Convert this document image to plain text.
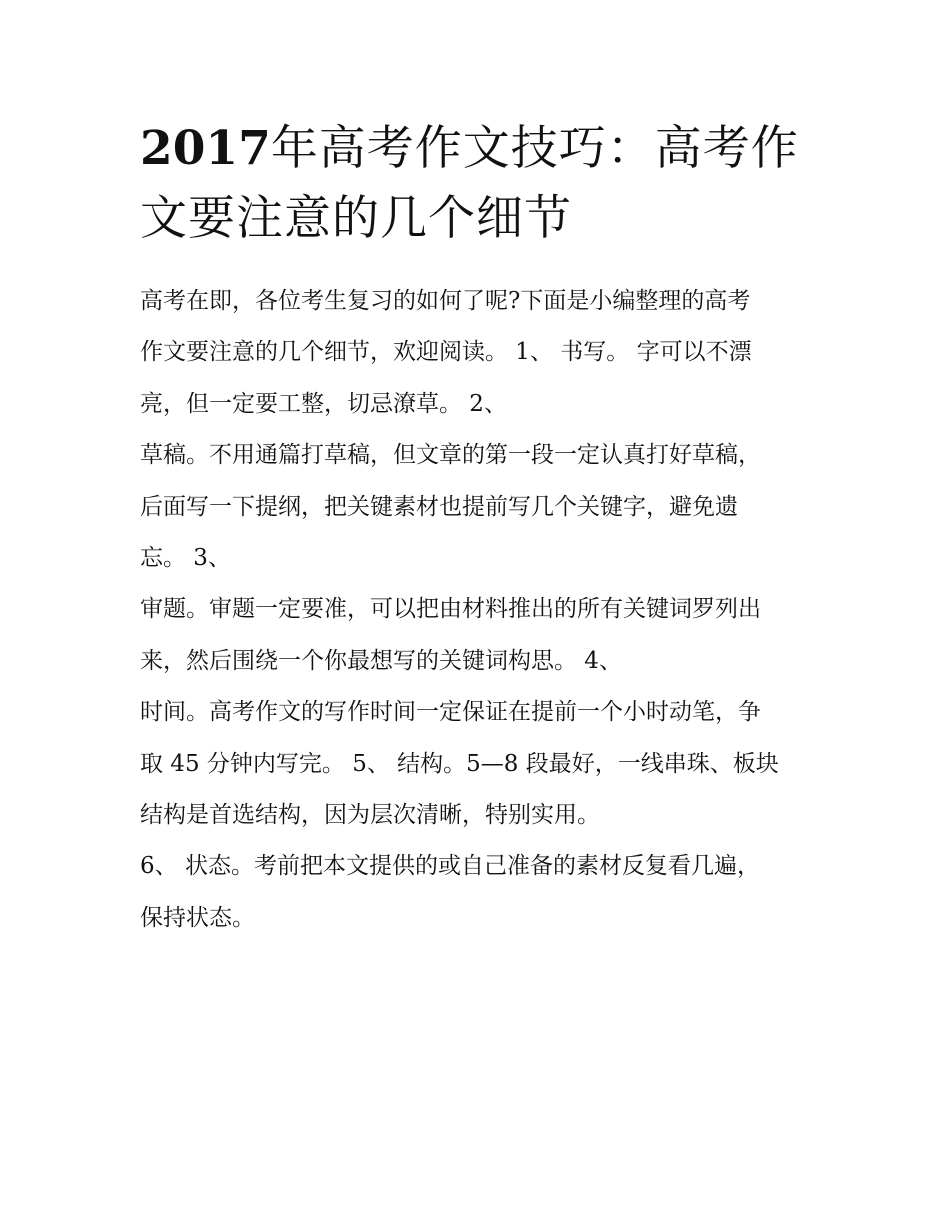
2017年高考作文技巧：高考作
文要注意的几个细节
高考在即，各位考生复习的如何了呢?下面是小编整理的高考
作文要注意的几个细节，欢迎阅读。 1、 书写。 字可以不漂
亮，但一定要工整，切忌潦草。 2、
草稿。不用通篇打草稿，但文章的第一段一定认真打好草稿，
后面写一下提纲，把关键素材也提前写几个关键字，避免遗
忘。 3、
审题。审题一定要准，可以把由材料推出的所有关键词罗列出
来，然后围绕一个你最想写的关键词构思。 4、
时间。高考作文的写作时间一定保证在提前一个小时动笔，争
取 45 分钟内写完。 5、 结构。5—8 段最好，一线串珠、板块
结构是首选结构，因为层次清晰，特别实用。
6、 状态。考前把本文提供的或自己准备的素材反复看几遍，
保持状态。
